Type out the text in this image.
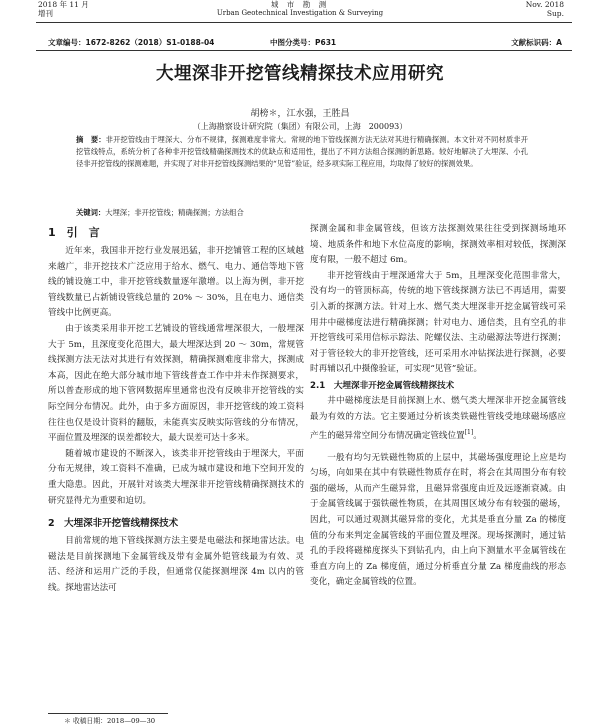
2018 年 11 月
增刊
城 市 勘 测
Urban Geotechnical Investigation & Surveying
Nov. 2018
Sup.
文章编号：1672-8262（2018）S1-0188-04	中图分类号：P631	文献标识码：A
大埋深非开挖管线精探技术应用研究
胡榜＊，江水强，王胜昌
（上海勘察设计研究院（集团）有限公司，上海　200093）
摘　要：非开挖管线由于埋深大、分布不规律，探测难度非常大。常规的地下管线探测方法无法对其进行精确探测。本文针对不同材质非开挖管线特点，系统分析了各种非开挖管线精确探测技术的优缺点和适用性，提出了不同方法组合探测的新思路。较好地解决了大埋深、小孔径非开挖管线的探测难题，并实现了对非开挖管线探测结果的“见管”验证，经多项实际工程应用，均取得了较好的探测效果。
关键词：大埋深；非开挖管线；精确探测；方法组合
1　引　言

近年来，我国非开挖行业发展迅猛，非开挖铺管工程的区域越来越广，非开挖技术广泛应用于给水、燃气、电力、通信等地下管线的铺设施工中，非开挖管线数量逐年激增。以上海为例，非开挖管线数量已占新铺设管线总量的 20% ～ 30%，且在电力、通信类管线中比例更高。

由于该类采用非开挖工艺铺设的管线通常埋深很大，一般埋深大于 5m，且深度变化范围大，最大埋深达到 20 ～ 30m，常规管线探测方法无法对其进行有效探测，精确探测难度非常大，探测成本高，因此在绝大部分城市地下管线普查工作中并未作探测要求，所以普查形成的地下管网数据库里通常也没有反映非开挖管线的实际空间分布情况。此外，由于多方面原因，非开挖管线的竣工资料往往也仅是设计资料的翻版，未能真实反映实际管线的分布情况，平面位置及埋深的误差都较大，最大误差可达十多米。

随着城市建设的不断深入，该类非开挖管线由于埋深大，平面分布无规律，竣工资料不准确，已成为城市建设和地下空间开发的重大隐患。因此，开展针对该类大埋深非开挖管线精确探测技术的研究显得尤为重要和迫切。

2　大埋深非开挖管线精探技术

目前常规的地下管线探测方法主要是电磁法和探地雷达法。电磁法是目前探测地下金属管线及带有金属外铠管线最为有效、灵活、经济和运用广泛的手段，但通常仅能探测埋深 4m 以内的管线。探地雷达法可

探测金属和非金属管线，但该方法探测效果往往受到探测场地环境、地质条件和地下水位高度的影响，探测效率相对较低，探测深度有限，一般不超过 6m。

非开挖管线由于埋深通常大于 5m，且埋深变化范围非常大，没有均一的管顶标高，传统的地下管线探测方法已不再适用，需要引入新的探测方法。针对上水、燃气类大埋深非开挖金属管线可采用井中磁梯度法进行精确探测；针对电力、通信类，且有空孔的非开挖管线可采用信标示踪法、陀螺仪法、主动磁源法等进行探测；对于管径较大的非开挖管线，还可采用水冲钻探法进行探测，必要时再辅以孔中摄像验证，可实现“见管”验证。

2.1　大埋深非开挖金属管线精探技术

井中磁梯度法是目前探测上水、燃气类大埋深非开挖金属管线最为有效的方法。它主要通过分析该类铁磁性管线受地球磁场感应产生的磁异常空间分布情况确定管线位置[1]。

一般有均匀无铁磁性物质的上层中，其磁场强度理论上应是均匀场，向如果在其中有铁磁性物质存在时，将会在其周围分布有较强的磁场，从而产生磁异常，且磁异常强度由近及远逐渐衰减。由于金属管线属于强铁磁性物质，在其周围区域分布有较强的磁场，因此，可以通过观测其磁异常的变化，尤其是垂直分量 Za 的梯度值的分布来判定金属管线的平面位置及埋深。现场探测时，通过钻孔的手段将磁梯度探头下到钻孔内，由上向下测量水平金属管线在垂直方向上的 Za 梯度值，通过分析垂直分量 Za 梯度曲线的形态变化，确定金属管线的位置。

＊ 收稿日期：2018—09—30
